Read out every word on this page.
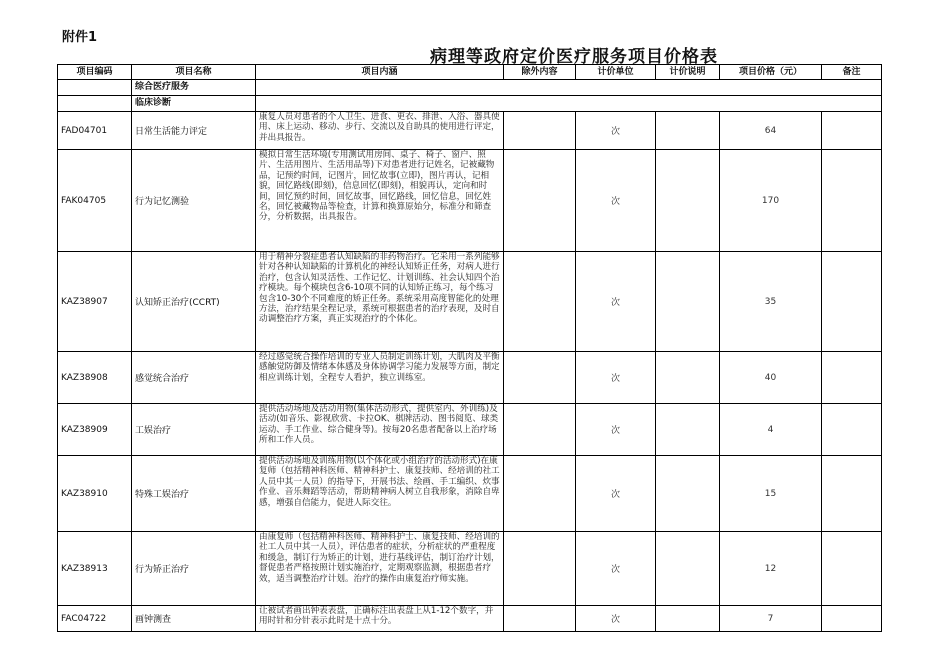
附件1
病理等政府定价医疗服务项目价格表
项目编码	项目名称	项目内涵	除外内容	计价单位	计价说明	项目价格（元）	备注
	综合医疗服务						
	临床诊断						
FAD04701	日常生活能力评定	康复人员对患者的个人卫生、进食、更衣、排泄、入浴、器具使用、床上运动、移动、步行、交流以及自助具的使用进行评定，并出具报告。		次		64	
FAK04705	行为记忆测验	模拟日常生活环境(专用测试用房间、桌子、椅子、窗户、照片、生活用图片、生活用品等)下对患者进行记姓名，记被藏物品，记预约时间，记图片，回忆故事(立即)，图片再认，记相貌，回忆路线(即刻)，信息回忆(即刻)，相貌再认，定向和时间，回忆预约时间，回忆故事，回忆路线，回忆信息，回忆姓名，回忆被藏物品等检查，计算和换算原始分，标准分和筛查分，分析数据，出具报告。		次		170	
KAZ38907	认知矫正治疗(CCRT)	用于精神分裂症患者认知缺陷的非药物治疗。它采用一系列能够针对各种认知缺陷的计算机化的神经认知矫正任务，对病人进行治疗，包含认知灵活性、工作记忆、计划训练、社会认知四个治疗模块。每个模块包含6-10项不同的认知矫正练习，每个练习包含10-30个不同难度的矫正任务。系统采用高度智能化的处理方法，治疗结果全程记录，系统可根据患者的治疗表现，及时自动调整治疗方案，真正实现治疗的个体化。		次		35	
KAZ38908	感觉统合治疗	经过感觉统合操作培训的专业人员制定训练计划，大肌肉及平衡感触觉防御及情绪本体感及身体协调学习能力发展等方面，制定相应训练计划，全程专人看护，独立训练室。		次		40	
KAZ38909	工娱治疗	提供活动场地及活动用物(集体活动形式，提供室内、外训练)及活动(如音乐、影视欣赏、卡拉OK、棋牌活动、图书阅览、球类运动、手工作业、综合健身等)。按每20名患者配备以上治疗场所和工作人员。		次		4	
KAZ38910	特殊工娱治疗	提供活动场地及训练用物(以个体化或小组治疗的活动形式)在康复师（包括精神科医师、精神科护士、康复技师、经培训的社工人员中其一人员）的指导下，开展书法、绘画、手工编织、炊事作业、音乐舞蹈等活动，帮助精神病人树立自我形象，消除自卑感，增强自信能力，促进人际交往。		次		15	
KAZ38913	行为矫正治疗	由康复师（包括精神科医师、精神科护士、康复技师、经培训的社工人员中其一人员），评估患者的症状，分析症状的严重程度和缓急，制订行为矫正的计划，进行基线评估，制订治疗计划，督促患者严格按照计划实施治疗，定期观察监测，根据患者疗效，适当调整治疗计划。治疗的操作由康复治疗师实施。		次		12	
FAC04722	画钟测查	让被试者画出钟表表盘，正确标注出表盘上从1-12个数字，并用时针和分针表示此时是十点十分。		次		7	
